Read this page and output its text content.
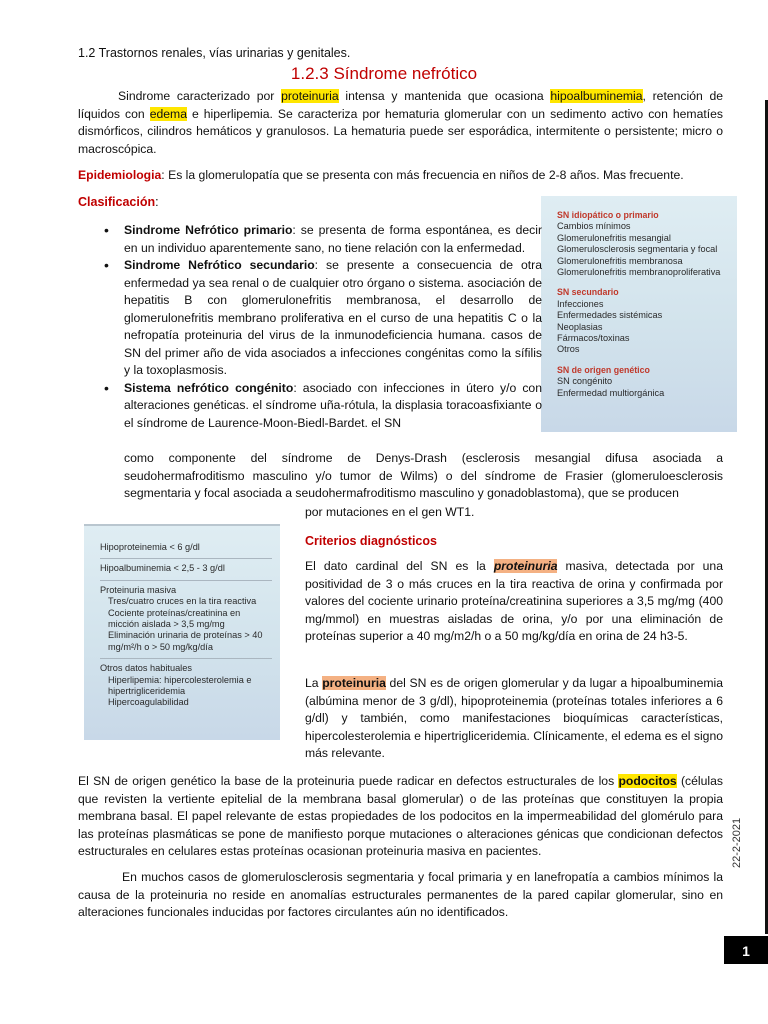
1.2 Trastornos renales, vías urinarias y genitales.
1.2.3 Síndrome nefrótico

Sindrome caracterizado por proteinuria intensa y mantenida que ocasiona hipoalbuminemia, retención de líquidos con edema e hiperlipemia. Se caracteriza por hematuria glomerular con un sedimento activo con hematíes dismórficos, cilindros hemáticos y granulosos. La hematuria puede ser esporádica, intermitente o persistente; micro o macroscópica.

Epidemiologia: Es la glomerulopatía que se presenta con más frecuencia en niños de 2-8 años. Mas frecuente.

Clasificación:
SN idiopático o primario
Cambios mínimos
Glomerulonefritis mesangial
Glomerulosclerosis segmentaria y focal
Glomerulonefritis membranosa
Glomerulonefritis membranoproliferativa
SN secundario
Infecciones
Enfermedades sistémicas
Neoplasias
Fármacos/toxinas
Otros
SN de origen genético
SN congénito
Enfermedad multiorgánica
• Sindrome Nefrótico primario: se presenta de forma espontánea, es decir en un individuo aparentemente sano, no tiene relación con la enfermedad.
• Sindrome Nefrótico secundario: se presente a consecuencia de otra enfermedad ya sea renal o de cualquier otro órgano o sistema. asociación de hepatitis B con glomerulonefritis membranosa, el desarrollo de glomerulonefritis membrano proliferativa en el curso de una hepatitis C o la nefropatía proteinuria del virus de la inmunodeficiencia humana. casos de SN del primer año de vida asociados a infecciones congénitas como la sífilis y la toxoplasmosis.
• Sistema nefrótico congénito: asociado con infecciones in útero y/o con alteraciones genéticas. el síndrome uña-rótula, la displasia toracoasfixiante o el síndrome de Laurence-Moon-Biedl-Bardet. el SN

como componente del síndrome de Denys-Drash (esclerosis mesangial difusa asociada a seudohermafroditismo masculino y/o tumor de Wilms) o del síndrome de Frasier (glomeruloesclerosis segmentaria y focal asociada a seudohermafroditismo masculino y gonadoblastoma), que se producen

por mutaciones en el gen WT1.
Hipoproteinemia < 6 g/dl
Hipoalbuminemia < 2,5 - 3 g/dl
Proteinuria masiva
Tres/cuatro cruces en la tira reactiva
Cociente proteínas/creatinina en micción aislada > 3,5 mg/mg
Eliminación urinaria de proteínas > 40 mg/m²/h o > 50 mg/kg/día
Otros datos habituales
Hiperlipemia: hipercolesterolemia e hipertrigliceridemia
Hipercoagulabilidad
Criterios diagnósticos

El dato cardinal del SN es la proteinuria masiva, detectada por una positividad de 3 o más cruces en la tira reactiva de orina y confirmada por valores del cociente urinario proteína/creatinina superiores a 3,5 mg/mg (400 mg/mmol) en muestras aisladas de orina, y/o por una eliminación de proteínas superior a 40 mg/m2/h o a 50 mg/kg/día en orina de 24 h3-5.

La proteinuria del SN es de origen glomerular y da lugar a hipoalbuminemia (albúmina menor de 3 g/dl), hipoproteinemia (proteínas totales inferiores a 6 g/dl) y también, como manifestaciones bioquímicas características, hipercolesterolemia e hipertrigliceridemia. Clínicamente, el edema es el signo más relevante.

El SN de origen genético la base de la proteinuria puede radicar en defectos estructurales de los podocitos (células que revisten la vertiente epitelial de la membrana basal glomerular) o de las proteínas que constituyen la propia membrana basal. El papel relevante de estas propiedades de los podocitos en la impermeabilidad del glomérulo para las proteínas plasmáticas se pone de manifiesto porque mutaciones o alteraciones génicas que condicionan defectos estructurales en celulares estas proteínas ocasionan proteinuria masiva en pacientes.

En muchos casos de glomerulosclerosis segmentaria y focal primaria y en lanefropatía a cambios mínimos la causa de la proteinuria no reside en anomalías estructurales permanentes de la pared capilar glomerular, sino en alteraciones funcionales inducidas por factores circulantes aún no identificados.

22-2-2021
1
